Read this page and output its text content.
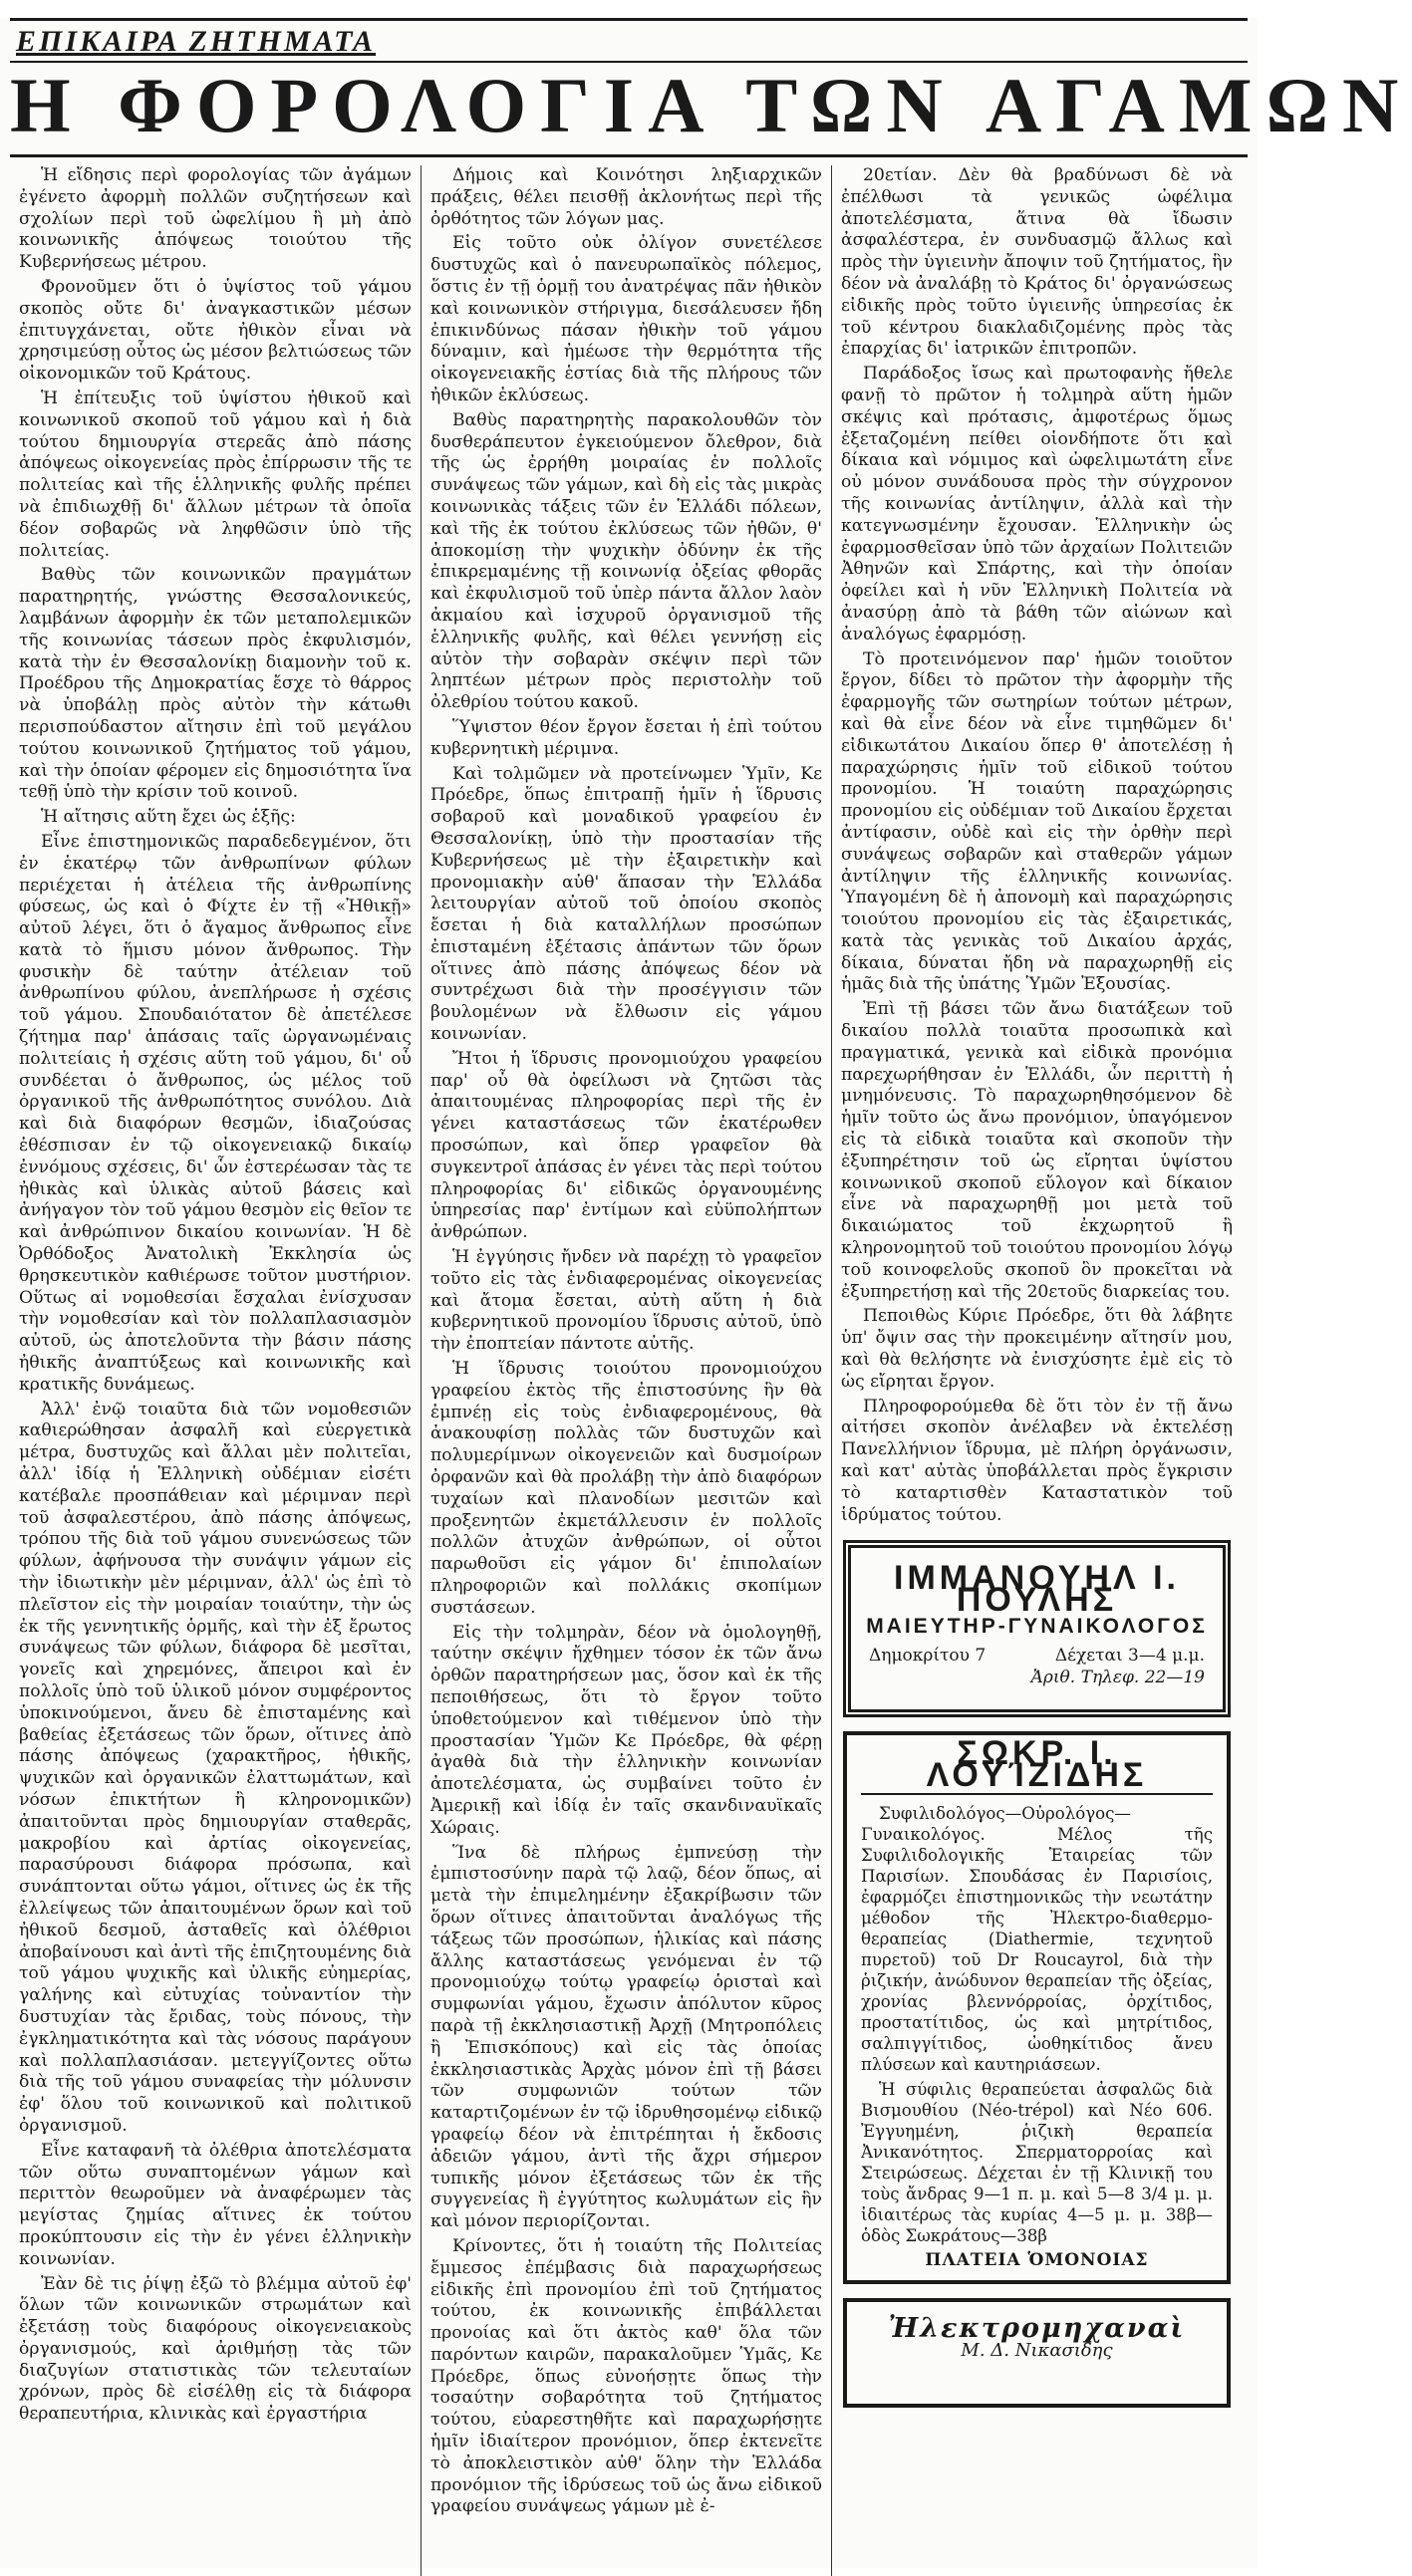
ΕΠΙΚΑΙΡΑ ΖΗΤΗΜΑΤΑ
Η ΦΟΡΟΛΟΓΙΑ ΤΩΝ ΑΓΑΜΩΝ

Ἡ εἴδησις περὶ φορολογίας τῶν ἀγάμων ἐγένετο ἀφορμὴ πολλῶν συζητήσεων καὶ σχολίων περὶ τοῦ ὠφελίμου ἢ μὴ ἀπὸ κοινωνικῆς ἀπόψεως τοιούτου τῆς Κυβερνήσεως μέτρου.

Φρονοῦμεν ὅτι ὁ ὑψίστος τοῦ γάμου σκοπὸς οὔτε δι' ἀναγκαστικῶν μέσων ἐπιτυγχάνεται, οὔτε ἠθικὸν εἶναι νὰ χρησιμεύσῃ οὗτος ὡς μέσον βελτιώσεως τῶν οἰκονομικῶν τοῦ Κράτους.

Ἡ ἐπίτευξις τοῦ ὑψίστου ἠθικοῦ καὶ κοινωνικοῦ σκοποῦ τοῦ γάμου καὶ ἡ διὰ τούτου δημιουργία στερεᾶς ἀπὸ πάσης ἀπόψεως οἰκογενείας πρὸς ἐπίρρωσιν τῆς τε πολιτείας καὶ τῆς ἑλληνικῆς φυλῆς πρέπει νὰ ἐπιδιωχθῇ δι' ἄλλων μέτρων τὰ ὁποῖα δέον σοβαρῶς νὰ ληφθῶσιν ὑπὸ τῆς πολιτείας.

Βαθὺς τῶν κοινωνικῶν πραγμάτων παρατηρητής, γνώστης Θεσσαλονικεύς, λαμβάνων ἀφορμὴν ἐκ τῶν μεταπολεμικῶν τῆς κοινωνίας τάσεων πρὸς ἐκφυλισμόν, κατὰ τὴν ἐν Θεσσαλονίκῃ διαμονὴν τοῦ κ. Προέδρου τῆς Δημοκρατίας ἔσχε τὸ θάρρος νὰ ὑποβάλῃ πρὸς αὐτὸν τὴν κάτωθι περισπούδαστον αἴτησιν ἐπὶ τοῦ μεγάλου τούτου κοινωνικοῦ ζητήματος τοῦ γάμου, καὶ τὴν ὁποίαν φέρομεν εἰς δημοσιότητα ἵνα τεθῇ ὑπὸ τὴν κρίσιν τοῦ κοινοῦ.

Ἡ αἴτησις αὕτη ἔχει ὡς ἑξῆς:

Εἶνε ἐπιστημονικῶς παραδεδεγμένον, ὅτι ἐν ἑκατέρῳ τῶν ἀνθρωπίνων φύλων περιέχεται ἡ ἀτέλεια τῆς ἀνθρωπίνης φύσεως, ὡς καὶ ὁ Φίχτε ἐν τῇ «Ἠθικῇ» αὐτοῦ λέγει, ὅτι ὁ ἄγαμος ἄνθρωπος εἶνε κατὰ τὸ ἥμισυ μόνον ἄνθρωπος. Τὴν φυσικὴν δὲ ταύτην ἀτέλειαν τοῦ ἀνθρωπίνου φύλου, ἀνεπλήρωσε ἡ σχέσις τοῦ γάμου. Σπουδαιότατον δὲ ἀπετέλεσε ζήτημα παρ' ἁπάσαις ταῖς ὠργανωμέναις πολιτείαις ἡ σχέσις αὕτη τοῦ γάμου, δι' οὗ συνδέεται ὁ ἄνθρωπος, ὡς μέλος τοῦ ὀργανικοῦ τῆς ἀνθρωπότητος συνόλου. Διὰ καὶ διὰ διαφόρων θεσμῶν, ἰδιαζούσας ἐθέσπισαν ἐν τῷ οἰκογενειακῷ δικαίῳ ἐννόμους σχέσεις, δι' ὧν ἐστερέωσαν τὰς τε ἠθικὰς καὶ ὑλικὰς αὐτοῦ βάσεις καὶ ἀνήγαγον τὸν τοῦ γάμου θεσμὸν εἰς θεῖον τε καὶ ἀνθρώπινον δικαίου κοινωνίαν. Ἡ δὲ Ὀρθόδοξος Ἀνατολικὴ Ἐκκλησία ὡς θρησκευτικὸν καθιέρωσε τοῦτον μυστήριον. Οὕτως αἱ νομοθεσίαι ἔσχαλαι ἐνίσχυσαν τὴν νομοθεσίαν καὶ τὸν πολλαπλασιασμὸν αὐτοῦ, ὡς ἀποτελοῦντα τὴν βάσιν πάσης ἠθικῆς ἀναπτύξεως καὶ κοινωνικῆς καὶ κρατικῆς δυνάμεως.

Ἀλλ' ἐνῷ τοιαῦτα διὰ τῶν νομοθεσιῶν καθιερώθησαν ἀσφαλῆ καὶ εὐεργετικὰ μέτρα, δυστυχῶς καὶ ἄλλαι μὲν πολιτεῖαι, ἀλλ' ἰδίᾳ ἡ Ἑλληνικὴ οὐδέμιαν εἰσέτι κατέβαλε προσπάθειαν καὶ μέριμναν περὶ τοῦ ἀσφαλεστέρου, ἀπὸ πάσης ἀπόψεως, τρόπου τῆς διὰ τοῦ γάμου συνενώσεως τῶν φύλων, ἀφήνουσα τὴν συνάψιν γάμων εἰς τὴν ἰδιωτικὴν μὲν μέριμναν, ἀλλ' ὡς ἐπὶ τὸ πλεῖστον εἰς τὴν μοιραίαν τοιαύτην, τὴν ὡς ἐκ τῆς γεννητικῆς ὁρμῆς, καὶ τὴν ἐξ ἔρωτος συνάψεως τῶν φύλων, διάφορα δὲ μεσῖται, γονεῖς καὶ χηρεμόνες, ἄπειροι καὶ ἐν πολλοῖς ὑπὸ τοῦ ὑλικοῦ μόνον συμφέροντος ὑποκινούμενοι, ἄνευ δὲ ἐπισταμένης καὶ βαθείας ἐξετάσεως τῶν ὅρων, οἵτινες ἀπὸ πάσης ἀπόψεως (χαρακτῆρος, ἠθικῆς, ψυχικῶν καὶ ὀργανικῶν ἐλαττωμάτων, καὶ νόσων ἐπικτήτων ἢ κληρονομικῶν) ἀπαιτοῦνται πρὸς δημιουργίαν σταθερᾶς, μακροβίου καὶ ἀρτίας οἰκογενείας, παρασύρουσι διάφορα πρόσωπα, καὶ συνάπτονται οὕτω γάμοι, οἵτινες ὡς ἐκ τῆς ἐλλείψεως τῶν ἀπαιτουμένων ὅρων καὶ τοῦ ἠθικοῦ δεσμοῦ, ἀσταθεῖς καὶ ὀλέθριοι ἀποβαίνουσι καὶ ἀντὶ τῆς ἐπιζητουμένης διὰ τοῦ γάμου ψυχικῆς καὶ ὑλικῆς εὐημερίας, γαλήνης καὶ εὐτυχίας τοὐναντίον τὴν δυστυχίαν τὰς ἔριδας, τοὺς πόνους, τὴν ἐγκληματικότητα καὶ τὰς νόσους παράγουν καὶ πολλαπλασιάσαν. μετεγγίζοντες οὕτω διὰ τῆς τοῦ γάμου συναφείας τὴν μόλυνσιν ἐφ' ὅλου τοῦ κοινωνικοῦ καὶ πολιτικοῦ ὀργανισμοῦ.

Εἶνε καταφανῆ τὰ ὀλέθρια ἀποτελέσματα τῶν οὕτω συναπτομένων γάμων καὶ περιττὸν θεωροῦμεν νὰ ἀναφέρωμεν τὰς μεγίστας ζημίας αἵτινες ἐκ τούτου προκύπτουσιν εἰς τὴν ἐν γένει ἑλληνικὴν κοινωνίαν.

Ἐὰν δὲ τις ῥίψῃ ἐξῶ τὸ βλέμμα αὐτοῦ ἐφ' ὅλων τῶν κοινωνικῶν στρωμάτων καὶ ἐξετάσῃ τοὺς διαφόρους οἰκογενειακοὺς ὀργανισμούς, καὶ ἀριθμήσῃ τὰς τῶν διαζυγίων στατιστικὰς τῶν τελευταίων χρόνων, πρὸς δὲ εἰσέλθῃ εἰς τὰ διάφορα θεραπευτήρια, κλινικὰς καὶ ἐργαστήρια

Δήμοις καὶ Κοινότησι ληξιαρχικῶν πράξεις, θέλει πεισθῇ ἀκλονήτως περὶ τῆς ὀρθότητος τῶν λόγων μας.

Εἰς τοῦτο οὐκ ὀλίγον συνετέλεσε δυστυχῶς καὶ ὁ πανευρωπαϊκὸς πόλεμος, ὅστις ἐν τῇ ὁρμῇ του ἀνατρέψας πᾶν ἠθικὸν καὶ κοινωνικὸν στήριγμα, διεσάλευσεν ἤδη ἐπικινδύνως πάσαν ἠθικὴν τοῦ γάμου δύναμιν, καὶ ἠμέωσε τὴν θερμότητα τῆς οἰκογενειακῆς ἑστίας διὰ τῆς πλήρους τῶν ἠθικῶν ἐκλύσεως.

Βαθὺς παρατηρητὴς παρακολουθῶν τὸν δυσθεράπευτον ἐγκειούμενον ὄλεθρον, διὰ τῆς ὡς ἐρρήθη μοιραίας ἐν πολλοῖς συνάψεως τῶν γάμων, καὶ δὴ εἰς τὰς μικρὰς κοινωνικὰς τάξεις τῶν ἐν Ἑλλάδι πόλεων, καὶ τῆς ἐκ τούτου ἐκλύσεως τῶν ἠθῶν, θ' ἀποκομίσῃ τὴν ψυχικὴν ὀδύνην ἐκ τῆς ἐπικρεμαμένης τῇ κοινωνίᾳ ὀξείας φθορᾶς καὶ ἐκφυλισμοῦ τοῦ ὑπὲρ πάντα ἄλλον λαὸν ἀκμαίου καὶ ἰσχυροῦ ὀργανισμοῦ τῆς ἑλληνικῆς φυλῆς, καὶ θέλει γεννήσῃ εἰς αὐτὸν τὴν σοβαρὰν σκέψιν περὶ τῶν ληπτέων μέτρων πρὸς περιστολὴν τοῦ ὀλεθρίου τούτου κακοῦ.

Ὕψιστον θέον ἔργον ἔσεται ἡ ἐπὶ τούτου κυβερνητικὴ μέριμνα.

Καὶ τολμῶμεν νὰ προτείνωμεν Ὑμῖν, Κε Πρόεδρε, ὅπως ἐπιτραπῇ ἡμῖν ἡ ἵδρυσις σοβαροῦ καὶ μοναδικοῦ γραφείου ἐν Θεσσαλονίκῃ, ὑπὸ τὴν προστασίαν τῆς Κυβερνήσεως μὲ τὴν ἐξαιρετικὴν καὶ προνομιακὴν αὐθ' ἅπασαν τὴν Ἑλλάδα λειτουργίαν αὐτοῦ τοῦ ὁποίου σκοπὸς ἔσεται ἡ διὰ καταλλήλων προσώπων ἐπισταμένη ἐξέτασις ἁπάντων τῶν ὅρων οἵτινες ἀπὸ πάσης ἀπόψεως δέον νὰ συντρέχωσι διὰ τὴν προσέγγισιν τῶν βουλομένων νὰ ἔλθωσιν εἰς γάμου κοινωνίαν.

Ἤτοι ἡ ἵδρυσις προνομιούχου γραφείου παρ' οὗ θὰ ὀφείλωσι νὰ ζητῶσι τὰς ἀπαιτουμένας πληροφορίας περὶ τῆς ἐν γένει καταστάσεως τῶν ἑκατέρωθεν προσώπων, καὶ ὅπερ γραφεῖον θὰ συγκεντροῖ ἁπάσας ἐν γένει τὰς περὶ τούτου πληροφορίας δι' εἰδικῶς ὀργανουμένης ὑπηρεσίας παρ' ἐντίμων καὶ εὐϋπολήπτων ἀνθρώπων.

Ἡ ἐγγύησις ἤνδεν νὰ παρέχῃ τὸ γραφεῖον τοῦτο εἰς τὰς ἐνδιαφερομένας οἰκογενείας καὶ ἄτομα ἔσεται, αὐτὴ αὕτη ἡ διὰ κυβερνητικοῦ προνομίου ἵδρυσις αὐτοῦ, ὑπὸ τὴν ἐποπτείαν πάντοτε αὐτῆς.

Ἡ ἵδρυσις τοιούτου προνομιούχου γραφείου ἐκτὸς τῆς ἐπιστοσύνης ἣν θὰ ἐμπνέῃ εἰς τοὺς ἐνδιαφερομένους, θὰ ἀνακουφίσῃ πολλὰς τῶν δυστυχῶν καὶ πολυμερίμνων οἰκογενειῶν καὶ δυσμοίρων ὀρφανῶν καὶ θὰ προλάβῃ τὴν ἀπὸ διαφόρων τυχαίων καὶ πλανοδίων μεσιτῶν καὶ προξενητῶν ἐκμετάλλευσιν ἐν πολλοῖς πολλῶν ἀτυχῶν ἀνθρώπων, οἱ οὗτοι παρωθοῦσι εἰς γάμον δι' ἐπιπολαίων πληροφοριῶν καὶ πολλάκις σκοπίμων συστάσεων.

Εἰς τὴν τολμηρὰν, δέον νὰ ὁμολογηθῇ, ταύτην σκέψιν ἤχθημεν τόσον ἐκ τῶν ἄνω ὀρθῶν παρατηρήσεων μας, ὅσον καὶ ἐκ τῆς πεποιθήσεως, ὅτι τὸ ἔργον τοῦτο ὑποθετούμενον καὶ τιθέμενον ὑπὸ τὴν προστασίαν Ὑμῶν Κε Πρόεδρε, θὰ φέρῃ ἀγαθὰ διὰ τὴν ἑλληνικὴν κοινωνίαν ἀποτελέσματα, ὡς συμβαίνει τοῦτο ἐν Ἀμερικῇ καὶ ἰδίᾳ ἐν ταῖς σκανδιναυϊκαῖς Χώραις.

Ἵνα δὲ πλήρως ἐμπνεύσῃ τὴν ἐμπιστοσύνην παρὰ τῷ λαῷ, δέον ὅπως, αἱ μετὰ τὴν ἐπιμελημένην ἐξακρίβωσιν τῶν ὅρων οἵτινες ἀπαιτοῦνται ἀναλόγως τῆς τάξεως τῶν προσώπων, ἡλικίας καὶ πάσης ἄλλης καταστάσεως γενόμεναι ἐν τῷ προνομιούχῳ τούτῳ γραφείῳ ὁρισταὶ καὶ συμφωνίαι γάμου, ἔχωσιν ἀπόλυτον κῦρος παρὰ τῇ ἐκκλησιαστικῇ Ἀρχῇ (Μητροπόλεις ἢ Ἐπισκόπους) καὶ εἰς τὰς ὁποίας ἐκκλησιαστικὰς Ἀρχὰς μόνον ἐπὶ τῇ βάσει τῶν συμφωνιῶν τούτων τῶν καταρτιζομένων ἐν τῷ ἱδρυθησομένῳ εἰδικῷ γραφείῳ δέον νὰ ἐπιτρέπηται ἡ ἔκδοσις ἀδειῶν γάμου, ἀντὶ τῆς ἄχρι σήμερον τυπικῆς μόνον ἐξετάσεως τῶν ἐκ τῆς συγγενείας ἢ ἐγγύτητος κωλυμάτων εἰς ἣν καὶ μόνον περιορίζονται.

Κρίνοντες, ὅτι ἡ τοιαύτη τῆς Πολιτείας ἔμμεσος ἐπέμβασις διὰ παραχωρήσεως εἰδικῆς ἐπὶ προνομίου ἐπὶ τοῦ ζητήματος τούτου, ἐκ κοινωνικῆς ἐπιβάλλεται προνοίας καὶ ὅτι ἀκτὸς καθ' ὅλα τῶν παρόντων καιρῶν, παρακαλοῦμεν Ὑμᾶς, Κε Πρόεδρε, ὅπως εὐνοήσῃτε ὅπως τὴν τοσαύτην σοβαρότητα τοῦ ζητήματος τούτου, εὐαρεστηθῆτε καὶ παραχωρήσῃτε ἡμῖν ἰδιαίτερον προνόμιον, ὅπερ ἐκτενεῖτε τὸ ἀποκλειστικὸν αὐθ' ὅλην τὴν Ἑλλάδα προνόμιον τῆς ἱδρύσεως τοῦ ὡς ἄνω εἰδικοῦ γραφείου συνάψεως γάμων μὲ ἐ-

20ετίαν. Δὲν θὰ βραδύνωσι δὲ νὰ ἐπέλθωσι τὰ γενικῶς ὠφέλιμα ἀποτελέσματα, ἅτινα θὰ ἴδωσιν ἀσφαλέστερα, ἐν συνδυασμῷ ἄλλως καὶ πρὸς τὴν ὑγιεινὴν ἄποψιν τοῦ ζητήματος, ἣν δέον νὰ ἀναλάβῃ τὸ Κράτος δι' ὀργανώσεως εἰδικῆς πρὸς τοῦτο ὑγιεινῆς ὑπηρεσίας ἐκ τοῦ κέντρου διακλαδιζομένης πρὸς τὰς ἐπαρχίας δι' ἰατρικῶν ἐπιτροπῶν.

Παράδοξος ἴσως καὶ πρωτοφανὴς ἤθελε φανῇ τὸ πρῶτον ἡ τολμηρὰ αὕτη ἡμῶν σκέψις καὶ πρότασις, ἀμφοτέρως ὅμως ἐξεταζομένη πείθει οἱονδήποτε ὅτι καὶ δίκαια καὶ νόμιμος καὶ ὠφελιμωτάτη εἶνε οὐ μόνον συνάδουσα πρὸς τὴν σύγχρονον τῆς κοινωνίας ἀντίληψιν, ἀλλὰ καὶ τὴν κατεγνωσμένην ἔχουσαν. Ἑλληνικὴν ὡς ἐφαρμοσθεῖσαν ὑπὸ τῶν ἀρχαίων Πολιτειῶν Ἀθηνῶν καὶ Σπάρτης, καὶ τὴν ὁποίαν ὀφείλει καὶ ἡ νῦν Ἑλληνικὴ Πολιτεία νὰ ἀνασύρῃ ἀπὸ τὰ βάθη τῶν αἰώνων καὶ ἀναλόγως ἐφαρμόσῃ.

Τὸ προτεινόμενον παρ' ἡμῶν τοιοῦτον ἔργον, δίδει τὸ πρῶτον τὴν ἀφορμὴν τῆς ἐφαρμογῆς τῶν σωτηρίων τούτων μέτρων, καὶ θὰ εἶνε δέον νὰ εἶνε τιμηθῶμεν δι' εἰδικωτάτου Δικαίου ὅπερ θ' ἀποτελέσῃ ἡ παραχώρησις ἡμῖν τοῦ εἰδικοῦ τούτου προνομίου. Ἡ τοιαύτη παραχώρησις προνομίου εἰς οὐδέμιαν τοῦ Δικαίου ἔρχεται ἀντίφασιν, οὐδὲ καὶ εἰς τὴν ὀρθὴν περὶ συνάψεως σοβαρῶν καὶ σταθερῶν γάμων ἀντίληψιν τῆς ἑλληνικῆς κοινωνίας. Ὑπαγομένη δὲ ἡ ἀπονομὴ καὶ παραχώρησις τοιούτου προνομίου εἰς τὰς ἐξαιρετικάς, κατὰ τὰς γενικὰς τοῦ Δικαίου ἀρχάς, δίκαια, δύναται ἤδη νὰ παραχωρηθῇ εἰς ἡμᾶς διὰ τῆς ὑπάτης Ὑμῶν Ἐξουσίας.

Ἐπὶ τῇ βάσει τῶν ἄνω διατάξεων τοῦ δικαίου πολλὰ τοιαῦτα προσωπικὰ καὶ πραγματικά, γενικὰ καὶ εἰδικὰ προνόμια παρεχωρήθησαν ἐν Ἑλλάδι, ὧν περιττὴ ἡ μνημόνευσις. Τὸ παραχωρηθησόμενον δὲ ἡμῖν τοῦτο ὡς ἄνω προνόμιον, ὑπαγόμενον εἰς τὰ εἰδικὰ τοιαῦτα καὶ σκοποῦν τὴν ἐξυπηρέτησιν τοῦ ὡς εἴρηται ὑψίστου κοινωνικοῦ σκοποῦ εὔλογον καὶ δίκαιον εἶνε νὰ παραχωρηθῇ μοι μετὰ τοῦ δικαιώματος τοῦ ἐκχωρητοῦ ἢ κληρονομητοῦ τοῦ τοιούτου προνομίου λόγῳ τοῦ κοινοφελοῦς σκοποῦ ὃν προκεῖται νὰ ἐξυπηρετήσῃ καὶ τῆς 20ετοῦς διαρκείας του.

Πεποιθὼς Κύριε Πρόεδρε, ὅτι θὰ λάβητε ὑπ' ὄψιν σας τὴν προκειμένην αἴτησίν μου, καὶ θὰ θελήσητε νὰ ἐνισχύσητε ἐμὲ εἰς τὸ ὡς εἴρηται ἔργον.

Πληροφορούμεθα δὲ ὅτι τὸν ἐν τῇ ἄνω αἰτήσει σκοπὸν ἀνέλαβεν νὰ ἐκτελέσῃ Πανελλήνιον ἵδρυμα, μὲ πλήρη ὀργάνωσιν, καὶ κατ' αὐτὰς ὑποβάλλεται πρὸς ἔγκρισιν τὸ καταρτισθὲν Καταστατικὸν τοῦ ἱδρύματος τούτου.

ΙΜΜΑΝΟΥΗΛ Ι. ΠΟΥΛΗΣ
ΜΑΙΕΥΤΗΡ-ΓΥΝΑΙΚΟΛΟΓΟΣ
Δημοκρίτου 7	Δέχεται 3—4 μ.μ.
Ἀριθ. Τηλεφ. 22—19
ΣΩΚΡ. Ι. ΛΟΥΊΖΙΔΗΣ

Συφιλιδολόγος—Οὐρολόγος—Γυναικολόγος. Μέλος τῆς Συφιλιδολογικῆς Ἑταιρείας τῶν Παρισίων. Σπουδάσας ἐν Παρισίοις, ἐφαρμόζει ἐπιστημονικῶς τὴν νεωτάτην μέθοδον τῆς Ἠλεκτρο-διαθερμο-θεραπείας (Diathermie, τεχνητοῦ πυρετοῦ) τοῦ Dr Roucayrol, διὰ τὴν ῥιζικήν, ἀνώδυνον θεραπείαν τῆς ὀξείας, χρονίας βλεννόρροίας, ὀρχίτιδος, προστατίτιδος, ὡς καὶ μητρίτιδος, σαλπιγγίτιδος, ὠοθηκίτιδος ἄνευ πλύσεων καὶ καυτηριάσεων.

Ἡ σύφιλις θεραπεύεται ἀσφαλῶς διὰ Βισμουθίου (Néo-trépol) καὶ Νέο 606. Ἐγγυημένη, ῥιζικὴ θεραπεία Ἀνικανότητος. Σπερματορροίας καὶ Στειρώσεως. Δέχεται ἐν τῇ Κλινικῇ του τοὺς ἄνδρας 9—1 π. μ. καὶ 5—8 3/4 μ. μ. ἰδιαιτέρως τὰς κυρίας 4—5 μ. μ. 38β—ὁδὸς Σωκράτους—38β

ΠΛΑΤΕΙΑ ὉΜΟΝΟΙΑΣ
Ἠλεκτρομηχαναὶ
Μ. Δ. Νικασιδης
